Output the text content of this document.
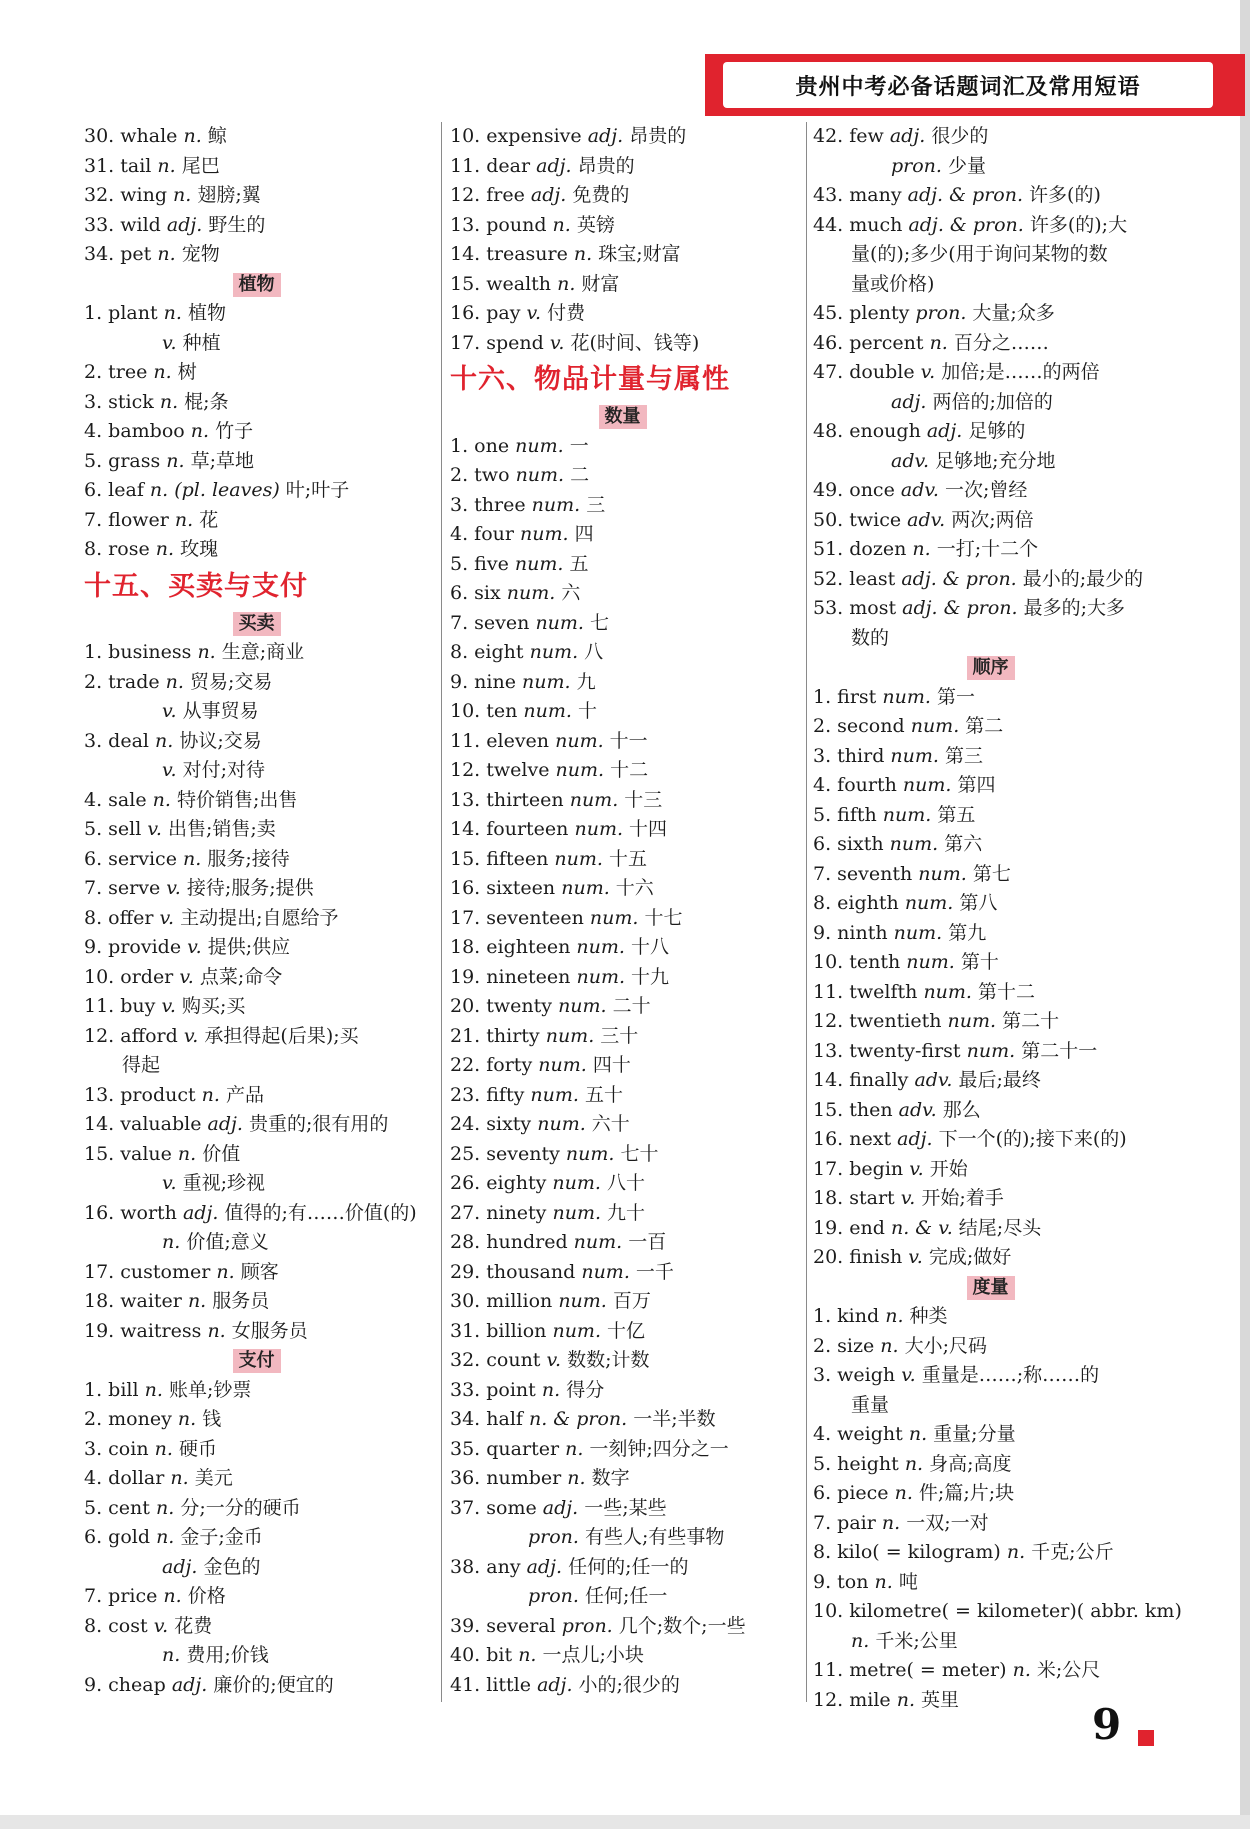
贵州中考必备话题词汇及常用短语
30. whale n. 鲸
31. tail n. 尾巴
32. wing n. 翅膀;翼
33. wild adj. 野生的
34. pet n. 宠物
植物
1. plant n. 植物
v. 种植
2. tree n. 树
3. stick n. 棍;条
4. bamboo n. 竹子
5. grass n. 草;草地
6. leaf n. (pl. leaves) 叶;叶子
7. flower n. 花
8. rose n. 玫瑰
十五、买卖与支付
买卖
1. business n. 生意;商业
2. trade n. 贸易;交易
v. 从事贸易
3. deal n. 协议;交易
v. 对付;对待
4. sale n. 特价销售;出售
5. sell v. 出售;销售;卖
6. service n. 服务;接待
7. serve v. 接待;服务;提供
8. offer v. 主动提出;自愿给予
9. provide v. 提供;供应
10. order v. 点菜;命令
11. buy v. 购买;买
12. afford v. 承担得起(后果);买
得起
13. product n. 产品
14. valuable adj. 贵重的;很有用的
15. value n. 价值
v. 重视;珍视
16. worth adj. 值得的;有……价值(的)
n. 价值;意义
17. customer n. 顾客
18. waiter n. 服务员
19. waitress n. 女服务员
支付
1. bill n. 账单;钞票
2. money n. 钱
3. coin n. 硬币
4. dollar n. 美元
5. cent n. 分;一分的硬币
6. gold n. 金子;金币
adj. 金色的
7. price n. 价格
8. cost v. 花费
n. 费用;价钱
9. cheap adj. 廉价的;便宜的
10. expensive adj. 昂贵的
11. dear adj. 昂贵的
12. free adj. 免费的
13. pound n. 英镑
14. treasure n. 珠宝;财富
15. wealth n. 财富
16. pay v. 付费
17. spend v. 花(时间、钱等)
十六、物品计量与属性
数量
1. one num. 一
2. two num. 二
3. three num. 三
4. four num. 四
5. five num. 五
6. six num. 六
7. seven num. 七
8. eight num. 八
9. nine num. 九
10. ten num. 十
11. eleven num. 十一
12. twelve num. 十二
13. thirteen num. 十三
14. fourteen num. 十四
15. fifteen num. 十五
16. sixteen num. 十六
17. seventeen num. 十七
18. eighteen num. 十八
19. nineteen num. 十九
20. twenty num. 二十
21. thirty num. 三十
22. forty num. 四十
23. fifty num. 五十
24. sixty num. 六十
25. seventy num. 七十
26. eighty num. 八十
27. ninety num. 九十
28. hundred num. 一百
29. thousand num. 一千
30. million num. 百万
31. billion num. 十亿
32. count v. 数数;计数
33. point n. 得分
34. half n. & pron. 一半;半数
35. quarter n. 一刻钟;四分之一
36. number n. 数字
37. some adj. 一些;某些
pron. 有些人;有些事物
38. any adj. 任何的;任一的
pron. 任何;任一
39. several pron. 几个;数个;一些
40. bit n. 一点儿;小块
41. little adj. 小的;很少的
42. few adj. 很少的
pron. 少量
43. many adj. & pron. 许多(的)
44. much adj. & pron. 许多(的);大
量(的);多少(用于询问某物的数
量或价格)
45. plenty pron. 大量;众多
46. percent n. 百分之……
47. double v. 加倍;是……的两倍
adj. 两倍的;加倍的
48. enough adj. 足够的
adv. 足够地;充分地
49. once adv. 一次;曾经
50. twice adv. 两次;两倍
51. dozen n. 一打;十二个
52. least adj. & pron. 最小的;最少的
53. most adj. & pron. 最多的;大多
数的
顺序
1. first num. 第一
2. second num. 第二
3. third num. 第三
4. fourth num. 第四
5. fifth num. 第五
6. sixth num. 第六
7. seventh num. 第七
8. eighth num. 第八
9. ninth num. 第九
10. tenth num. 第十
11. twelfth num. 第十二
12. twentieth num. 第二十
13. twenty-first num. 第二十一
14. finally adv. 最后;最终
15. then adv. 那么
16. next adj. 下一个(的);接下来(的)
17. begin v. 开始
18. start v. 开始;着手
19. end n. & v. 结尾;尽头
20. finish v. 完成;做好
度量
1. kind n. 种类
2. size n. 大小;尺码
3. weigh v. 重量是……;称……的
重量
4. weight n. 重量;分量
5. height n. 身高;高度
6. piece n. 件;篇;片;块
7. pair n. 一双;一对
8. kilo( = kilogram) n. 千克;公斤
9. ton n. 吨
10. kilometre( = kilometer)( abbr. km)
n. 千米;公里
11. metre( = meter) n. 米;公尺
12. mile n. 英里
9
